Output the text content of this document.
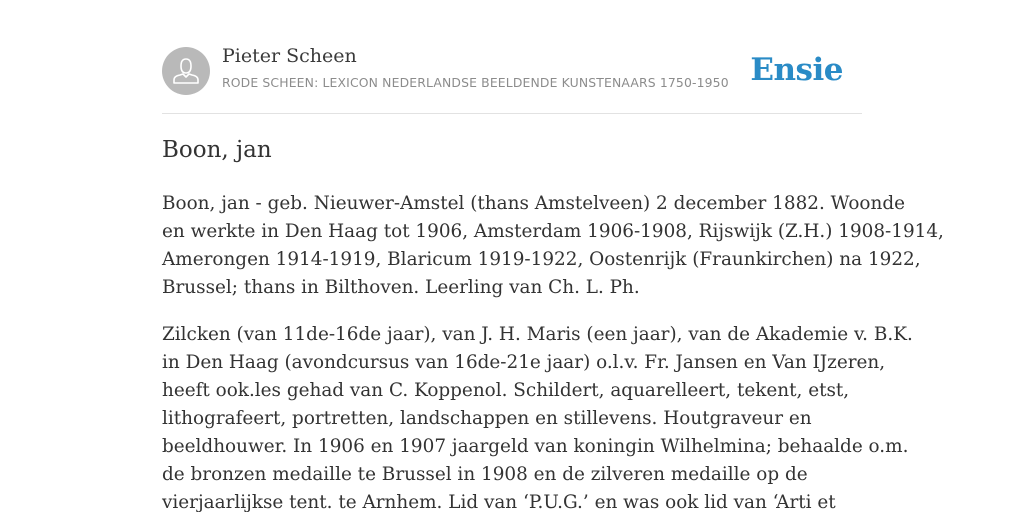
Pieter Scheen
RODE SCHEEN: LEXICON NEDERLANDSE BEELDENDE KUNSTENAARS 1750-1950 Ensie
Boon, jan

Boon, jan - geb. Nieuwer-Amstel (thans Amstelveen) 2 december 1882. Woonde
en werkte in Den Haag tot 1906, Amsterdam 1906-1908, Rijswijk (Z.H.) 1908-1914,
Amerongen 1914-1919, Blaricum 1919-1922, Oostenrijk (Fraunkirchen) na 1922,
Brussel; thans in Bilthoven. Leerling van Ch. L. Ph.

Zilcken (van 11de-16de jaar), van J. H. Maris (een jaar), van de Akademie v. B.K.
in Den Haag (avondcursus van 16de-21e jaar) o.l.v. Fr. Jansen en Van IJzeren,
heeft ook.les gehad van C. Koppenol. Schildert, aquarelleert, tekent, etst,
lithografeert, portretten, landschappen en stillevens. Houtgraveur en
beeldhouwer. In 1906 en 1907 jaargeld van koningin Wilhelmina; behaalde o.m.
de bronzen medaille te Brussel in 1908 en de zilveren medaille op de
vierjaarlijkse tent. te Arnhem. Lid van ‘P.U.G.’ en was ook lid van ‘Arti et
